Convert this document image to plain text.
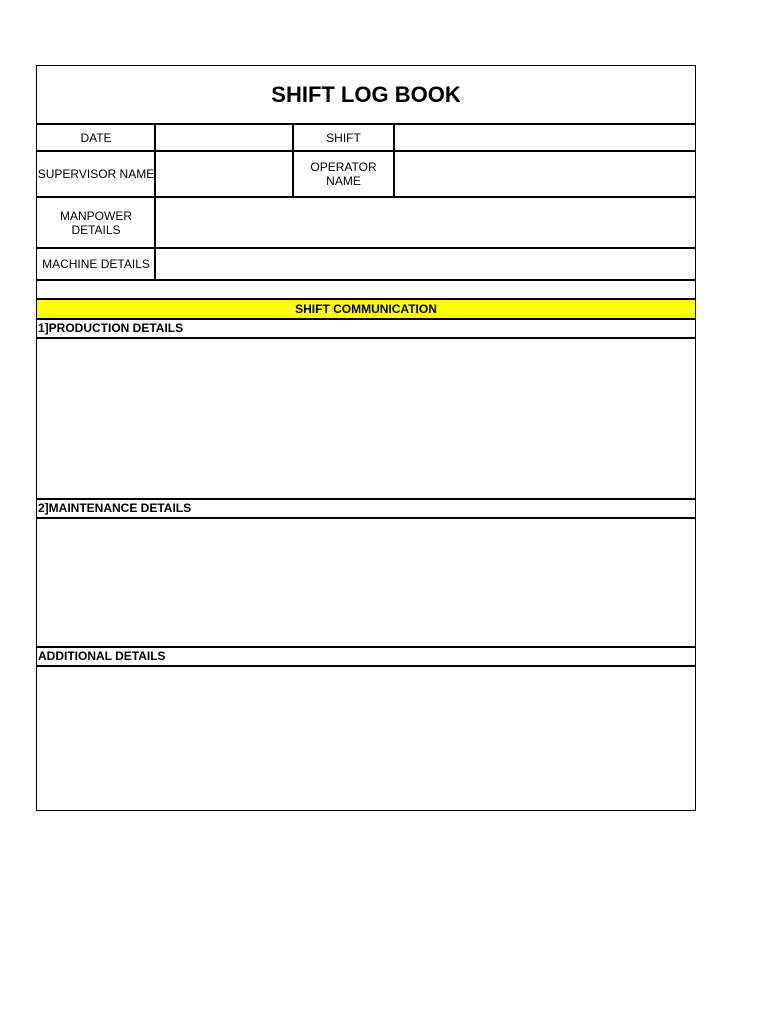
SHIFT LOG BOOK
DATE	SHIFT
SUPERVISOR NAME	OPERATOR NAME
MANPOWER DETAILS
MACHINE DETAILS
SHIFT COMMUNICATION
1]PRODUCTION DETAILS
2]MAINTENANCE DETAILS
ADDITIONAL DETAILS
